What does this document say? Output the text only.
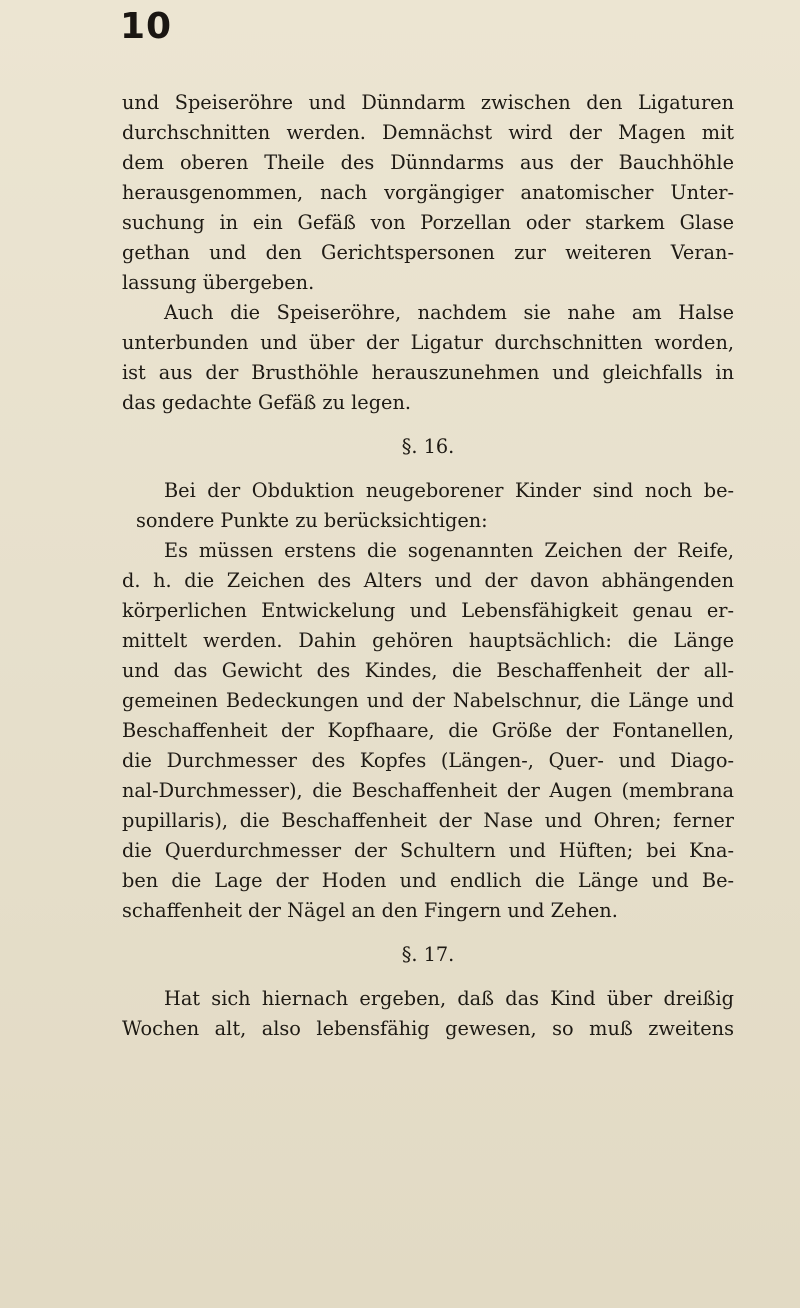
10
und Speiseröhre und Dünndarm zwischen den Ligaturen
durchschnitten werden. Demnächst wird der Magen mit
dem oberen Theile des Dünndarms aus der Bauchhöhle
herausgenommen, nach vorgängiger anatomischer Unter-
suchung in ein Gefäß von Porzellan oder starkem Glase
gethan und den Gerichtspersonen zur weiteren Veran-
lassung übergeben.
Auch die Speiseröhre, nachdem sie nahe am Halse
unterbunden und über der Ligatur durchschnitten worden,
ist aus der Brusthöhle herauszunehmen und gleichfalls in
das gedachte Gefäß zu legen.
§. 16.
Bei der Obduktion neugeborener Kinder sind noch be-
sondere Punkte zu berücksichtigen:
Es müssen erstens die sogenannten Zeichen der Reife,
d. h. die Zeichen des Alters und der davon abhängenden
körperlichen Entwickelung und Lebensfähigkeit genau er-
mittelt werden. Dahin gehören hauptsächlich: die Länge
und das Gewicht des Kindes, die Beschaffenheit der all-
gemeinen Bedeckungen und der Nabelschnur, die Länge und
Beschaffenheit der Kopfhaare, die Größe der Fontanellen,
die Durchmesser des Kopfes (Längen-, Quer- und Diago-
nal-Durchmesser), die Beschaffenheit der Augen (membrana
pupillaris), die Beschaffenheit der Nase und Ohren; ferner
die Querdurchmesser der Schultern und Hüften; bei Kna-
ben die Lage der Hoden und endlich die Länge und Be-
schaffenheit der Nägel an den Fingern und Zehen.
§. 17.
Hat sich hiernach ergeben, daß das Kind über dreißig
Wochen alt, also lebensfähig gewesen, so muß zweitens
